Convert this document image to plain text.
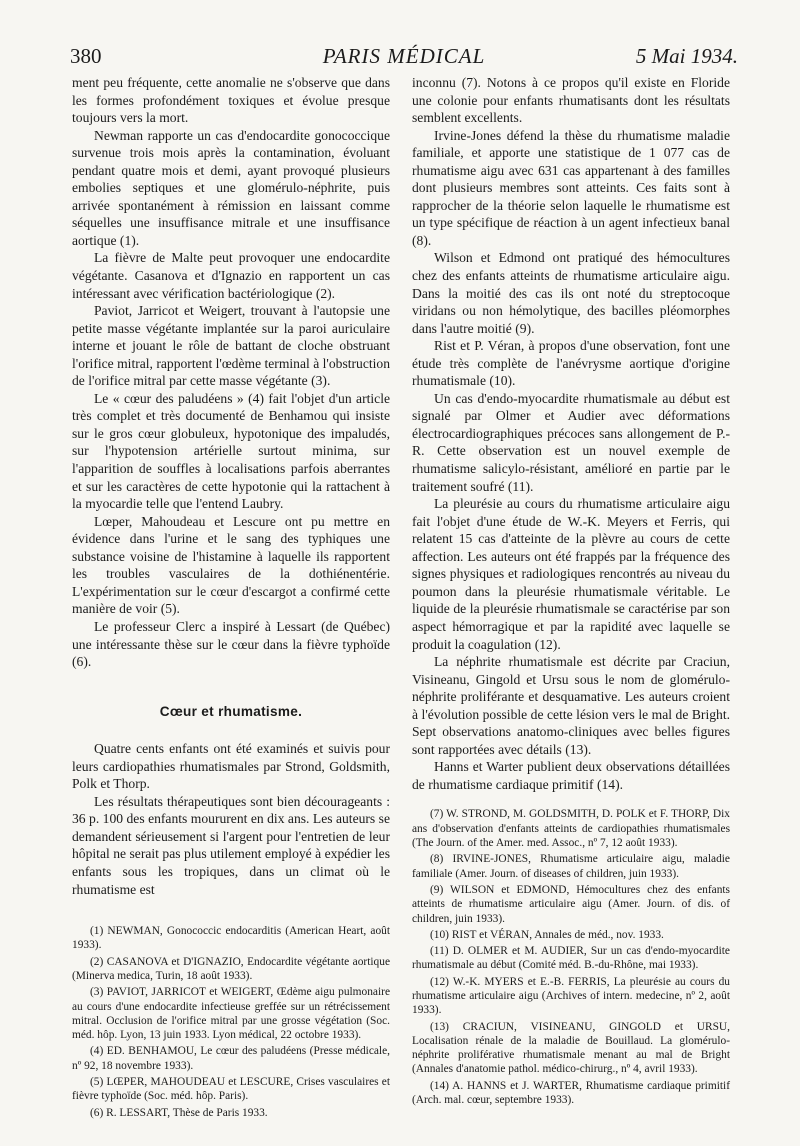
380	PARIS MÉDICAL	5 Mai 1934.

ment peu fréquente, cette anomalie ne s'observe que dans les formes profondément toxiques et évolue presque toujours vers la mort.

Newman rapporte un cas d'endocardite gonococcique survenue trois mois après la contamination, évoluant pendant quatre mois et demi, ayant provoqué plusieurs embolies septiques et une glomérulo-néphrite, puis arrivée spontanément à rémission en laissant comme séquelles une insuffisance mitrale et une insuffisance aortique (1).

La fièvre de Malte peut provoquer une endocardite végétante. Casanova et d'Ignazio en rapportent un cas intéressant avec vérification bactériologique (2).

Paviot, Jarricot et Weigert, trouvant à l'autopsie une petite masse végétante implantée sur la paroi auriculaire interne et jouant le rôle de battant de cloche obstruant l'orifice mitral, rapportent l'œdème terminal à l'obstruction de l'orifice mitral par cette masse végétante (3).

Le « cœur des paludéens » (4) fait l'objet d'un article très complet et très documenté de Benhamou qui insiste sur le gros cœur globuleux, hypotonique des impaludés, sur l'hypotension artérielle surtout minima, sur l'apparition de souffles à localisations parfois aberrantes et sur les caractères de cette hypotonie qui la rattachent à la myocardie telle que l'entend Laubry.

Lœper, Mahoudeau et Lescure ont pu mettre en évidence dans l'urine et le sang des typhiques une substance voisine de l'histamine à laquelle ils rapportent les troubles vasculaires de la dothiénentérie. L'expérimentation sur le cœur d'escargot a confirmé cette manière de voir (5).

Le professeur Clerc a inspiré à Lessart (de Québec) une intéressante thèse sur le cœur dans la fièvre typhoïde (6).

Cœur et rhumatisme.

Quatre cents enfants ont été examinés et suivis pour leurs cardiopathies rhumatismales par Strond, Goldsmith, Polk et Thorp.

Les résultats thérapeutiques sont bien décourageants : 36 p. 100 des enfants moururent en dix ans. Les auteurs se demandent sérieusement si l'argent pour l'entretien de leur hôpital ne serait pas plus utilement employé à expédier les enfants sous les tropiques, dans un climat où le rhumatisme est

(1) NEWMAN, Gonococcic endocarditis (American Heart, août 1933).

(2) CASANOVA et D'IGNAZIO, Endocardite végétante aortique (Minerva medica, Turin, 18 août 1933).

(3) PAVIOT, JARRICOT et WEIGERT, Œdème aigu pulmonaire au cours d'une endocardite infectieuse greffée sur un rétrécissement mitral. Occlusion de l'orifice mitral par une grosse végétation (Soc. méd. hôp. Lyon, 13 juin 1933. Lyon médical, 22 octobre 1933).

(4) ED. BENHAMOU, Le cœur des paludéens (Presse médicale, nº 92, 18 novembre 1933).

(5) LŒPER, MAHOUDEAU et LESCURE, Crises vasculaires et fièvre typhoïde (Soc. méd. hôp. Paris).

(6) R. LESSART, Thèse de Paris 1933.

inconnu (7). Notons à ce propos qu'il existe en Floride une colonie pour enfants rhumatisants dont les résultats semblent excellents.

Irvine-Jones défend la thèse du rhumatisme maladie familiale, et apporte une statistique de 1 077 cas de rhumatisme aigu avec 631 cas appartenant à des familles dont plusieurs membres sont atteints. Ces faits sont à rapprocher de la théorie selon laquelle le rhumatisme est un type spécifique de réaction à un agent infectieux banal (8).

Wilson et Edmond ont pratiqué des hémocultures chez des enfants atteints de rhumatisme articulaire aigu. Dans la moitié des cas ils ont noté du streptocoque viridans ou non hémolytique, des bacilles pléomorphes dans l'autre moitié (9).

Rist et P. Véran, à propos d'une observation, font une étude très complète de l'anévrysme aortique d'origine rhumatismale (10).

Un cas d'endo-myocardite rhumatismale au début est signalé par Olmer et Audier avec déformations électrocardiographiques précoces sans allongement de P.-R. Cette observation est un nouvel exemple de rhumatisme salicylo-résistant, amélioré en partie par le traitement soufré (11).

La pleurésie au cours du rhumatisme articulaire aigu fait l'objet d'une étude de W.-K. Meyers et Ferris, qui relatent 15 cas d'atteinte de la plèvre au cours de cette affection. Les auteurs ont été frappés par la fréquence des signes physiques et radiologiques rencontrés au niveau du poumon dans la pleurésie rhumatismale véritable. Le liquide de la pleurésie rhumatismale se caractérise par son aspect hémorragique et par la rapidité avec laquelle se produit la coagulation (12).

La néphrite rhumatismale est décrite par Craciun, Visineanu, Gingold et Ursu sous le nom de glomérulo-néphrite proliférante et desquamative. Les auteurs croient à l'évolution possible de cette lésion vers le mal de Bright. Sept observations anatomo-cliniques avec belles figures sont rapportées avec détails (13).

Hanns et Warter publient deux observations détaillées de rhumatisme cardiaque primitif (14).

(7) W. STROND, M. GOLDSMITH, D. POLK et F. THORP, Dix ans d'observation d'enfants atteints de cardiopathies rhumatismales (The Journ. of the Amer. med. Assoc., nº 7, 12 août 1933).

(8) IRVINE-JONES, Rhumatisme articulaire aigu, maladie familiale (Amer. Journ. of diseases of children, juin 1933).

(9) WILSON et EDMOND, Hémocultures chez des enfants atteints de rhumatisme articulaire aigu (Amer. Journ. of dis. of children, juin 1933).

(10) RIST et VÉRAN, Annales de méd., nov. 1933.

(11) D. OLMER et M. AUDIER, Sur un cas d'endo-myocardite rhumatismale au début (Comité méd. B.-du-Rhône, mai 1933).

(12) W.-K. MYERS et E.-B. FERRIS, La pleurésie au cours du rhumatisme articulaire aigu (Archives of intern. medecine, nº 2, août 1933).

(13) CRACIUN, VISINEANU, GINGOLD et URSU, Localisation rénale de la maladie de Bouillaud. La glomérulo-néphrite proliférative rhumatismale menant au mal de Bright (Annales d'anatomie pathol. médico-chirurg., nº 4, avril 1933).

(14) A. HANNS et J. WARTER, Rhumatisme cardiaque primitif (Arch. mal. cœur, septembre 1933).
